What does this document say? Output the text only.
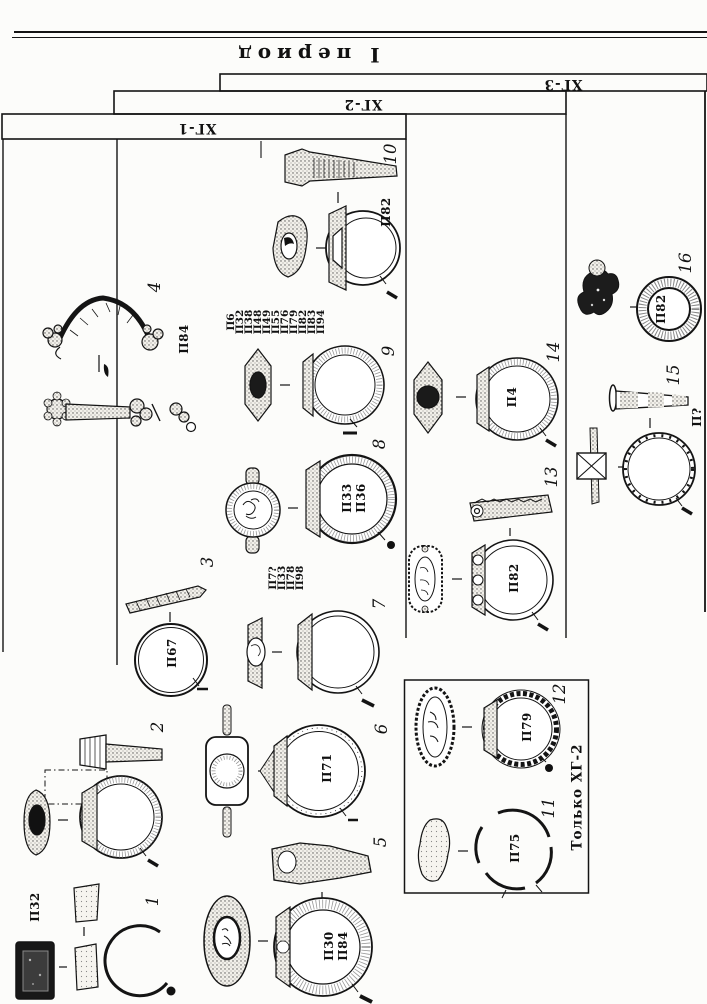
I период
ХГ-3
ХГ-2
ХГ-1
Только ХГ-2
1
2
3
4
5
6
7
8
9
10
11
12
13
14
15
16
П32
П67
П84
П30 П84
П71
П33 П36
П82
П75
П79
П82
П4
П?
П82
П7?
П33
П78
П98
П6
П32
П38
П48
П49
П55
П76
П79
П82
П83
П94
